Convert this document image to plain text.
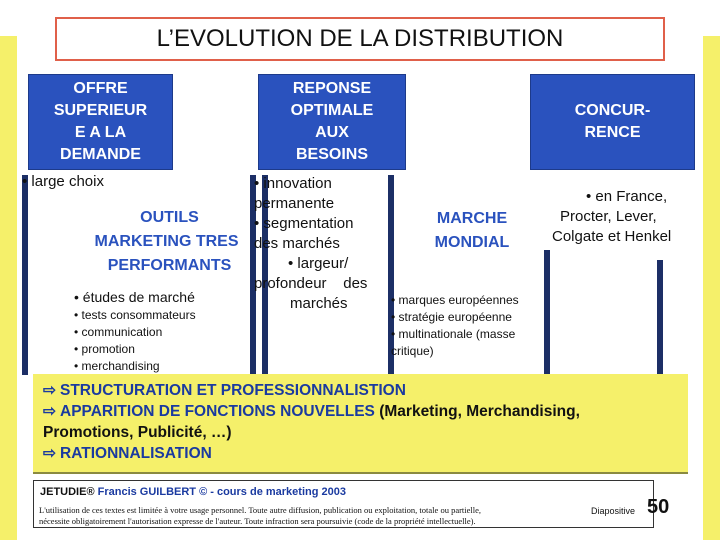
L’EVOLUTION DE LA DISTRIBUTION
OFFRE
SUPERIEUR
E A LA
DEMANDE
• large choix
REPONSE
OPTIMALE
AUX
BESOINS
• innovation
permanente
• segmentation
des marchés
• largeur/
profondeur    des
marchés
CONCUR-
RENCE
• en France,
Procter, Lever,
Colgate et Henkel
OUTILS
MARKETING TRES
PERFORMANTS
• études de marché
• tests consommateurs
• communication
• promotion
• merchandising
MARCHE
MONDIAL
• marques européennes
• stratégie européenne
• multinationale (masse
critique)
⇨ STRUCTURATION ET PROFESSIONNALISTION
⇨ APPARITION DE FONCTIONS NOUVELLES (Marketing, Merchandising,
Promotions, Publicité, …)
⇨ RATIONNALISATION
JETUDIE® Francis GUILBERT © - cours de marketing 2003
L'utilisation de ces textes est limitée à votre usage personnel. Toute autre diffusion, publication ou exploitation, totale ou partielle,
nécessite obligatoirement l'autorisation expresse de l'auteur. Toute infraction sera poursuivie (code de la propriété intellectuelle).
Diapositive 50
